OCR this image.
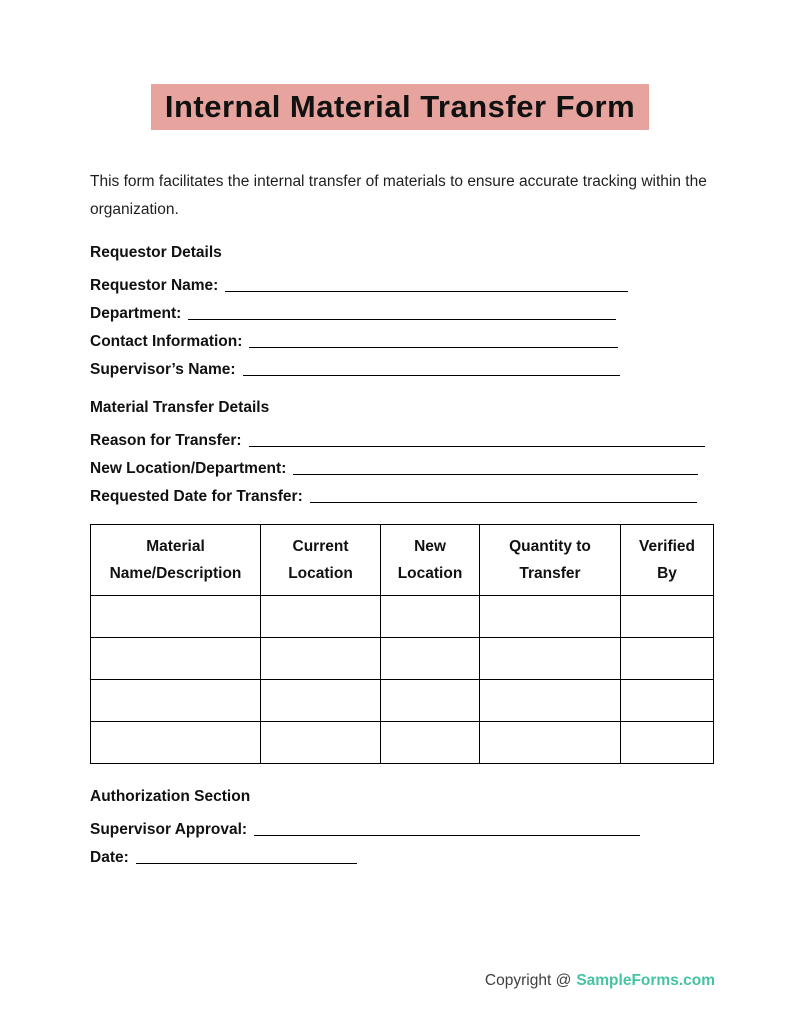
Internal Material Transfer Form

This form facilitates the internal transfer of materials to ensure accurate tracking within the organization.

Requestor Details
Requestor Name:
Department:
Contact Information:
Supervisor’s Name:
Material Transfer Details
Reason for Transfer:
New Location/Department:
Requested Date for Transfer:
Material Name/Description	Current Location	New Location	Quantity to Transfer	Verified By

Authorization Section
Supervisor Approval:
Date:
Copyright @ SampleForms.com
